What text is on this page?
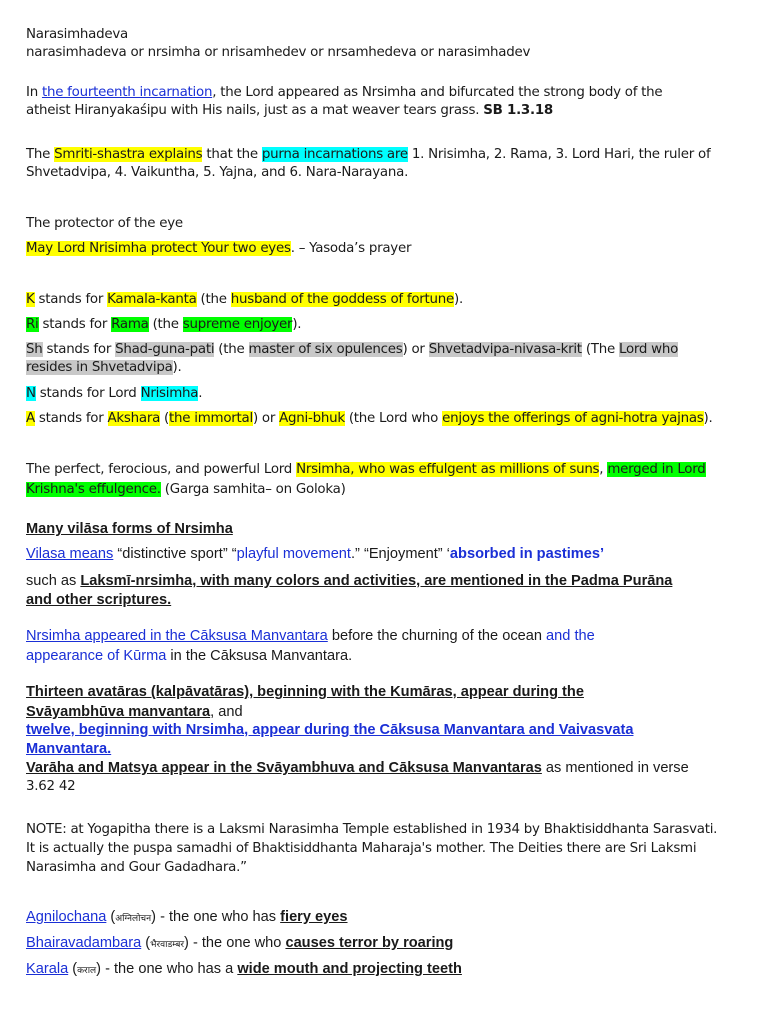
Narasimhadeva
narasimhadeva or nrsimha or nrisamhedev or nrsamhedeva or narasimhadev
In the fourteenth incarnation, the Lord appeared as Nrsimha and bifurcated the strong body of the
atheist Hiranyakaśipu with His nails, just as a mat weaver tears grass. SB 1.3.18
The Smriti-shastra explains that the purna incarnations are 1. Nrisimha, 2. Rama, 3. Lord Hari, the ruler of
Shvetadvipa, 4. Vaikuntha, 5. Yajna, and 6. Nara-Narayana.
The protector of the eye
May Lord Nrisimha protect Your two eyes. – Yasoda’s prayer
K stands for Kamala-kanta (the husband of the goddess of fortune).
Ri stands for Rama (the supreme enjoyer).
Sh stands for Shad-guna-pati (the master of six opulences) or Shvetadvipa-nivasa-krit (The Lord who
resides in Shvetadvipa).
N stands for Lord Nrisimha.
A stands for Akshara (the immortal) or Agni-bhuk (the Lord who enjoys the offerings of agni-hotra yajnas).
The perfect, ferocious, and powerful Lord Nrsimha, who was effulgent as millions of suns, merged in Lord
Krishna's effulgence. (Garga samhita– on Goloka)
Many vilāsa forms of Nrsimha
Vilasa means “distinctive sport” “playful movement.” “Enjoyment” ‘absorbed in pastimes’
such as Laksmī-nrsimha, with many colors and activities, are mentioned in the Padma Purāna
and other scriptures.
Nrsimha appeared in the Cāksusa Manvantara before the churning of the ocean and the
appearance of Kūrma in the Cāksusa Manvantara.
Thirteen avatāras (kalpāvatāras), beginning with the Kumāras, appear during the
Svāyambhūva manvantara, and
twelve, beginning with Nrsimha, appear during the Cāksusa Manvantara and Vaivasvata
Manvantara.
Varāha and Matsya appear in the Svāyambhuva and Cāksusa Manvantaras as mentioned in verse
3.62 42
NOTE: at Yogapitha there is a Laksmi Narasimha Temple established in 1934 by Bhaktisiddhanta Sarasvati.
It is actually the puspa samadhi of Bhaktisiddhanta Maharaja's mother. The Deities there are Sri Laksmi
Narasimha and Gour Gadadhara.”
Agnilochana (अग्निलोचन) - the one who has fiery eyes
Bhairavadambara (भैरवाडम्बर) - the one who causes terror by roaring
Karala (कराल) - the one who has a wide mouth and projecting teeth
